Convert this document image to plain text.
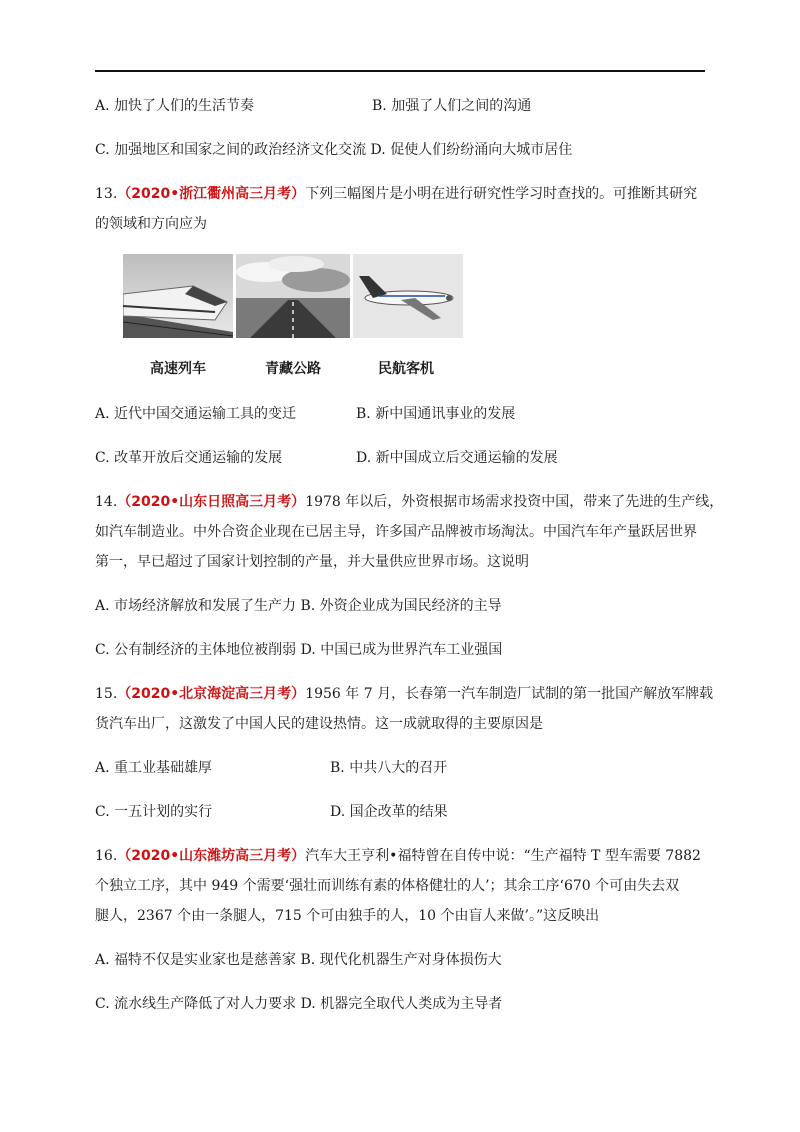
A. 加快了人们的生活节奏	B. 加强了人们之间的沟通
C. 加强地区和国家之间的政治经济文化交流 D. 促使人们纷纷涌向大城市居住
13.（2020•浙江衢州高三月考）下列三幅图片是小明在进行研究性学习时查找的。可推断其研究
的领域和方向应为
高速列车	青藏公路	民航客机
A. 近代中国交通运输工具的变迁	B. 新中国通讯事业的发展
C. 改革开放后交通运输的发展	D. 新中国成立后交通运输的发展
14.（2020•山东日照高三月考）1978 年以后，外资根据市场需求投资中国，带来了先进的生产线，
如汽车制造业。中外合资企业现在已居主导，许多国产品牌被市场淘汰。中国汽车年产量跃居世界
第一，早已超过了国家计划控制的产量，并大量供应世界市场。这说明
A. 市场经济解放和发展了生产力 B. 外资企业成为国民经济的主导
C. 公有制经济的主体地位被削弱 D. 中国已成为世界汽车工业强国
15.（2020•北京海淀高三月考）1956 年 7 月，长春第一汽车制造厂试制的第一批国产解放军牌载
货汽车出厂，这激发了中国人民的建设热情。这一成就取得的主要原因是
A. 重工业基础雄厚	B. 中共八大的召开
C. 一五计划的实行	D. 国企改革的结果
16.（2020•山东潍坊高三月考）汽车大王亨利•福特曾在自传中说：“生产福特 T 型车需要 7882
个独立工序，其中 949 个需要‘强壮而训练有素的体格健壮的人’；其余工序‘670 个可由失去双
腿人，2367 个由一条腿人，715 个可由独手的人，10 个由盲人来做’。”这反映出
A. 福特不仅是实业家也是慈善家 B. 现代化机器生产对身体损伤大
C. 流水线生产降低了对人力要求 D. 机器完全取代人类成为主导者
